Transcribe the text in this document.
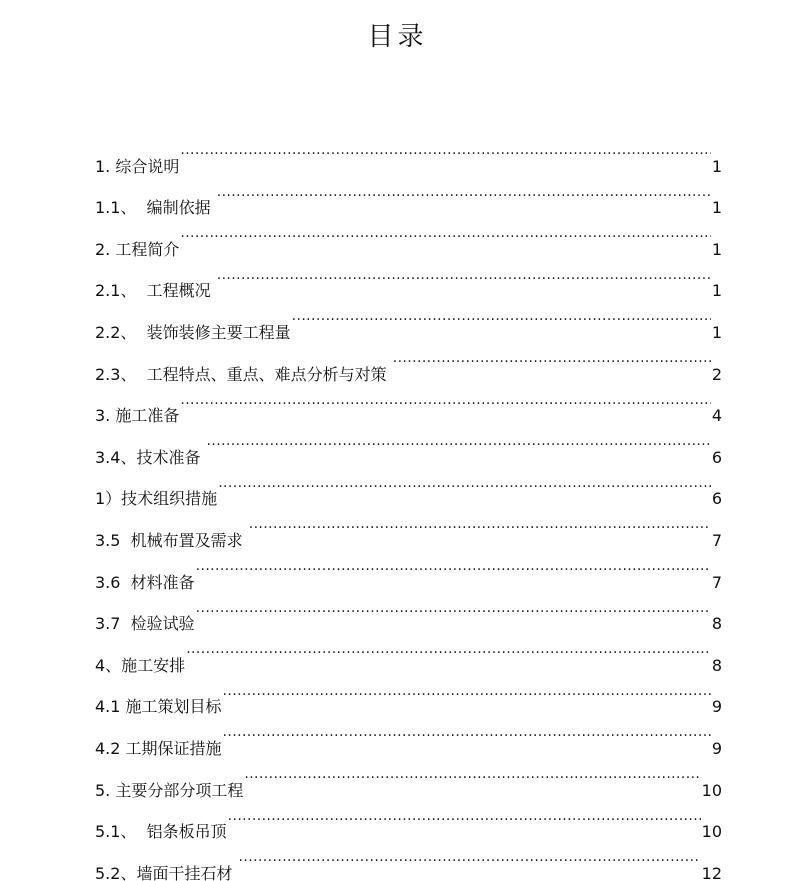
目录
1. 综合说明 .....	1
1.1、  编制依据 .....	1
2. 工程简介 .....	1
2.1、  工程概况 .....	1
2.2、  装饰装修主要工程量 .....	1
2.3、  工程特点、重点、难点分析与对策 .....	2
3. 施工准备 .....	4
3.4、技术准备 .....	6
1）技术组织措施 .....	6
3.5  机械布置及需求 .....	7
3.6  材料准备 .....	7
3.7  检验试验 .....	8
4、施工安排 .....	8
4.1 施工策划目标 .....	9
4.2 工期保证措施 .....	9
5. 主要分部分项工程 .....	10
5.1、  铝条板吊顶 .....	10
5.2、墙面干挂石材 .....	12
